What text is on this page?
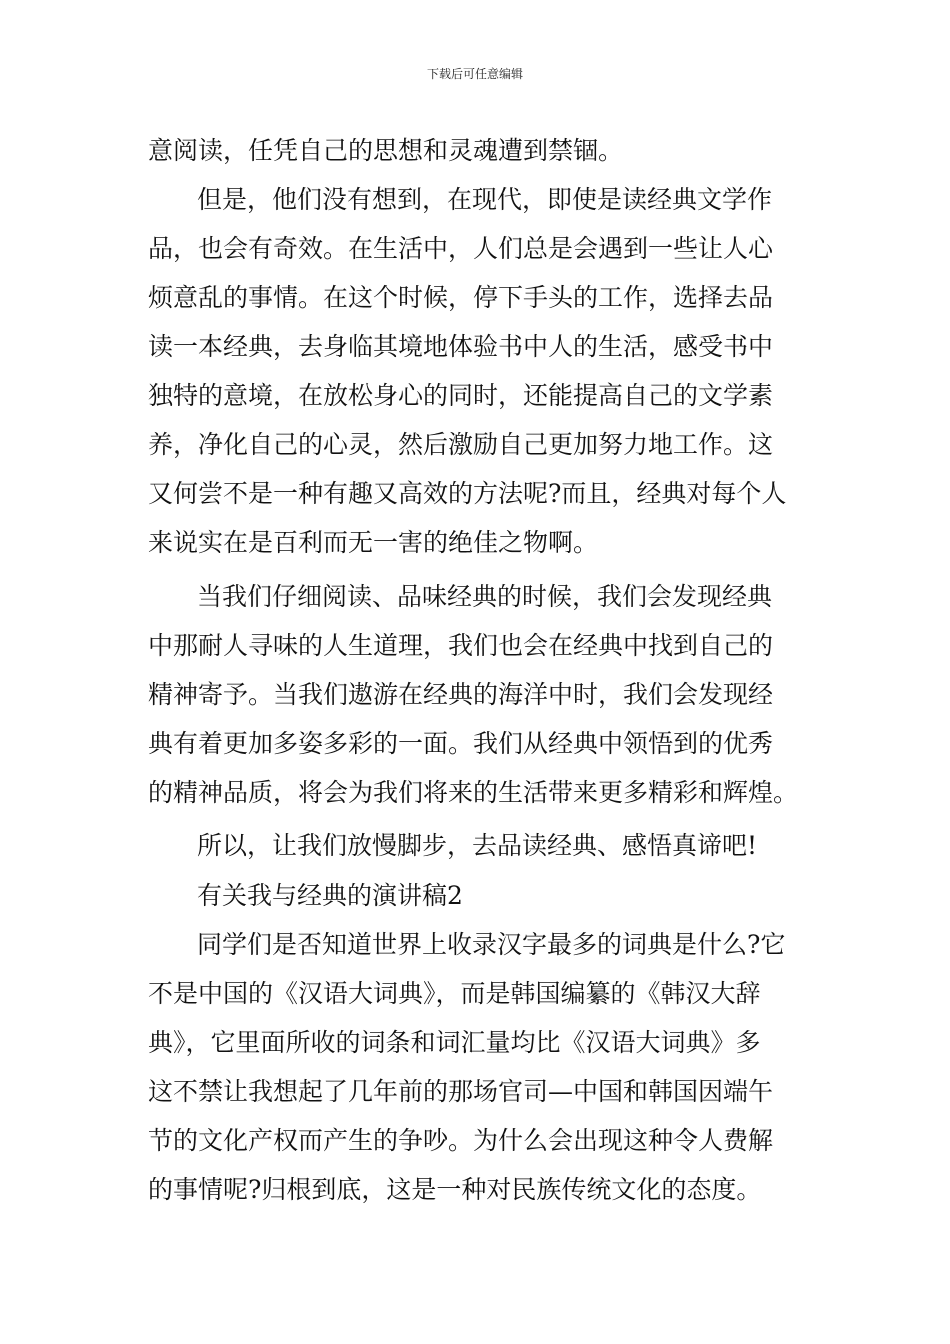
下载后可任意编辑

意阅读，任凭自己的思想和灵魂遭到禁锢。

但是，他们没有想到，在现代，即使是读经典文学作

品，也会有奇效。在生活中，人们总是会遇到一些让人心

烦意乱的事情。在这个时候，停下手头的工作，选择去品

读一本经典，去身临其境地体验书中人的生活，感受书中

独特的意境，在放松身心的同时，还能提高自己的文学素

养，净化自己的心灵，然后激励自己更加努力地工作。这

又何尝不是一种有趣又高效的方法呢?而且，经典对每个人

来说实在是百利而无一害的绝佳之物啊。

当我们仔细阅读、品味经典的时候，我们会发现经典

中那耐人寻味的人生道理，我们也会在经典中找到自己的

精神寄予。当我们遨游在经典的海洋中时，我们会发现经

典有着更加多姿多彩的一面。我们从经典中领悟到的优秀

的精神品质，将会为我们将来的生活带来更多精彩和辉煌。

所以，让我们放慢脚步，去品读经典、感悟真谛吧!

有关我与经典的演讲稿2

同学们是否知道世界上收录汉字最多的词典是什么?它

不是中国的《汉语大词典》，而是韩国编纂的《韩汉大辞

典》，它里面所收的词条和词汇量均比《汉语大词典》多

这不禁让我想起了几年前的那场官司—中国和韩国因端午

节的文化产权而产生的争吵。为什么会出现这种令人费解

的事情呢?归根到底，这是一种对民族传统文化的态度。
